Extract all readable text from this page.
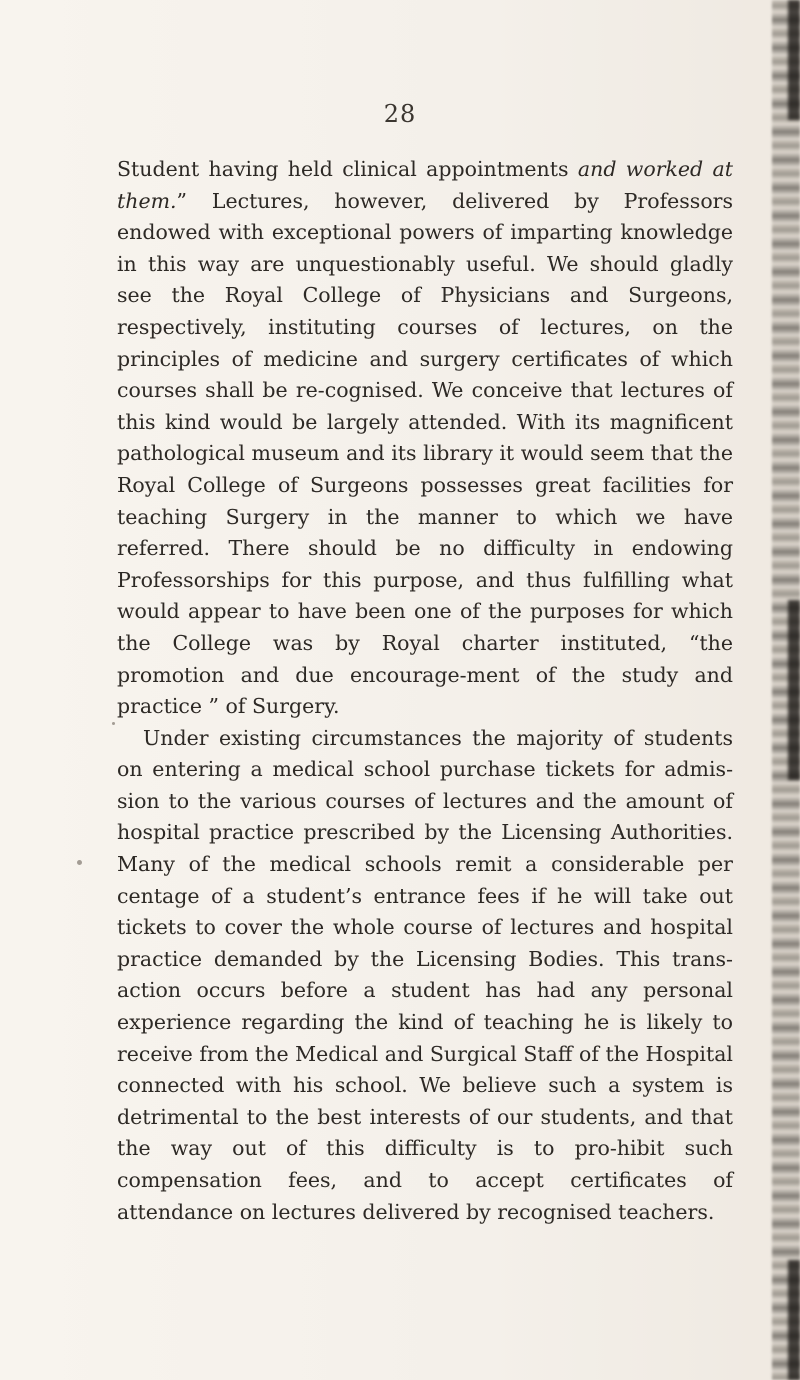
28

Student having held clinical appointments and worked at them.” Lectures, however, delivered by Professors endowed with exceptional powers of imparting knowledge in this way are unquestionably useful. We should gladly see the Royal College of Physicians and Surgeons, respectively, instituting courses of lectures, on the principles of medicine and surgery certificates of which courses shall be re-cognised. We conceive that lectures of this kind would be largely attended. With its magnificent pathological museum and its library it would seem that the Royal College of Surgeons possesses great facilities for teaching Surgery in the manner to which we have referred. There should be no difficulty in endowing Professorships for this purpose, and thus fulfilling what would appear to have been one of the purposes for which the College was by Royal charter instituted, “the promotion and due encourage-ment of the study and practice ” of Surgery.

Under existing circumstances the majority of students on entering a medical school purchase tickets for admis-sion to the various courses of lectures and the amount of hospital practice prescribed by the Licensing Authorities. Many of the medical schools remit a considerable per centage of a student’s entrance fees if he will take out tickets to cover the whole course of lectures and hospital practice demanded by the Licensing Bodies. This trans-action occurs before a student has had any personal experience regarding the kind of teaching he is likely to receive from the Medical and Surgical Staff of the Hospital connected with his school. We believe such a system is detrimental to the best interests of our students, and that the way out of this difficulty is to pro-hibit such compensation fees, and to accept certificates of attendance on lectures delivered by recognised teachers.
